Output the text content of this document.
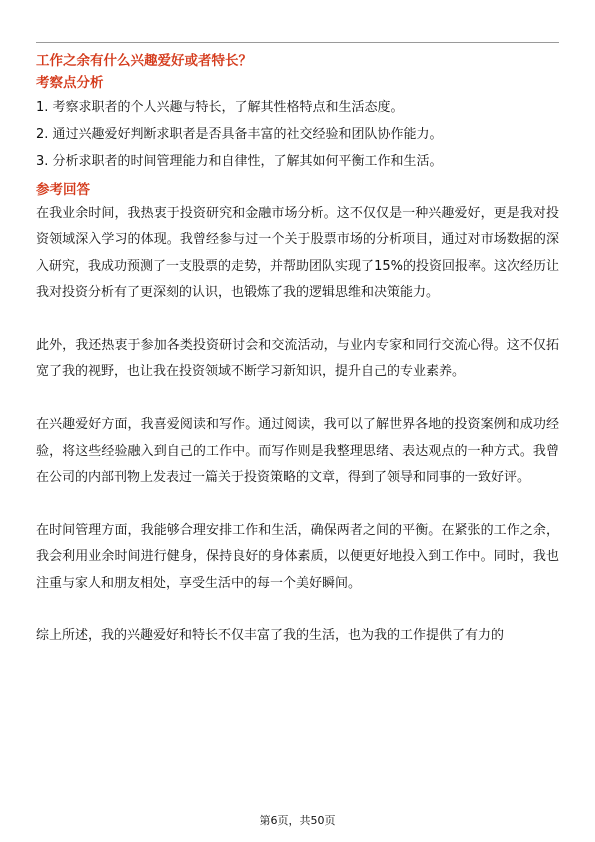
工作之余有什么兴趣爱好或者特长？
考察点分析
1. 考察求职者的个人兴趣与特长，了解其性格特点和生活态度。
2. 通过兴趣爱好判断求职者是否具备丰富的社交经验和团队协作能力。
3. 分析求职者的时间管理能力和自律性，了解其如何平衡工作和生活。
参考回答

在我业余时间，我热衷于投资研究和金融市场分析。这不仅仅是一种兴趣爱好，更是我对投资领域深入学习的体现。我曾经参与过一个关于股票市场的分析项目，通过对市场数据的深入研究，我成功预测了一支股票的走势，并帮助团队实现了15%的投资回报率。这次经历让我对投资分析有了更深刻的认识，也锻炼了我的逻辑思维和决策能力。

此外，我还热衷于参加各类投资研讨会和交流活动，与业内专家和同行交流心得。这不仅拓宽了我的视野，也让我在投资领域不断学习新知识，提升自己的专业素养。

在兴趣爱好方面，我喜爱阅读和写作。通过阅读，我可以了解世界各地的投资案例和成功经验，将这些经验融入到自己的工作中。而写作则是我整理思绪、表达观点的一种方式。我曾在公司的内部刊物上发表过一篇关于投资策略的文章，得到了领导和同事的一致好评。

在时间管理方面，我能够合理安排工作和生活，确保两者之间的平衡。在紧张的工作之余，我会利用业余时间进行健身，保持良好的身体素质，以便更好地投入到工作中。同时，我也注重与家人和朋友相处，享受生活中的每一个美好瞬间。

综上所述，我的兴趣爱好和特长不仅丰富了我的生活，也为我的工作提供了有力的

第6页，共50页
